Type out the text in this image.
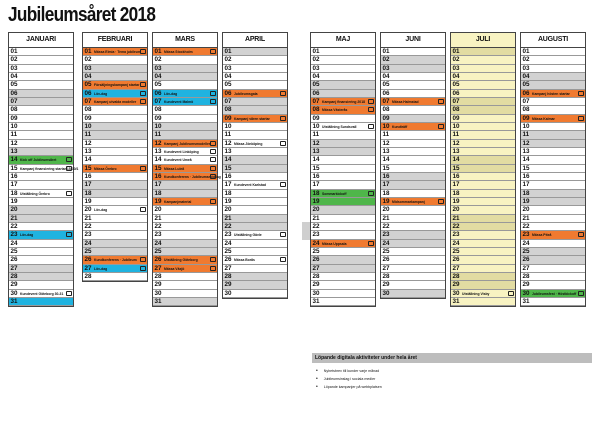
Jubileumsåret 2018
JANUARI
01
02
03
04
05
06
07
08
09
10
11
12
13
14 Kick off Jubileumsåret
15 Kampanj finansiering startar 15-30/1
16
17
18 Utställning Örebro
19
20
21
22
23 Löv-dag
24
25
26
27
28
29
30 Kundevent Göteborg 30-31
31
FEBRUARI
01 Mässa Elmia · Tema jubileum
02
03
04
05 Försäljningskampanj startar
06 Löv-dag
07 Kampanj utvalda modeller
08
09
10
11
12
13
14
15 Mässa Örebro
16
17
18
19
20 Löv-dag
21
22
23
24
25
26 Kundkonferens · Jubileum
27 Löv-dag
28
MARS
01 Mässa Stockholm
02
03
04
05
06 Löv-dag
07 Kundevent Malmö
08
09
10
11
12 Kampanj Jubileumsmodeller
13 Kundevent Linköping
14 Kundevent Umeå
15 Mässa Luleå
16 Kundkonferens · Jubileumsmiddag
17
18
19 Kampanjmaterial
20
21
22
23
24
25
26 Utställning Göteborg
27 Mässa Växjö
28
29
30
31
APRIL
01
02
03
04
05
06 Jubileumsgala
07
08
09 Kampanj våren startar
10
11
12 Mässa Jönköping
13
14
15
16
17 Kundevent Karlstad
18
19
20
21
22
23 Utställning Gävle
24
25
26 Mässa Borås
27
28
29
30
MAJ
01
02
03
04
05
06
07 Kampanj finansiering 2018
08 Mässa Västerås
09
10 Utställning Sundsvall
11
12
13
14
15
16
17
18 Sommarkickoff
19
20
21
22
23
24 Mässa Uppsala
25
26
27
28
29
30
31
JUNI
01
02
03
04
05
06
07 Mässa Halmstad
08
09
10 Kundträff
11
12
13
14
15
16
17
18
19 Midsommarkampanj
20
21
22
23
24
25
26
27
28
29
30
JULI
01
02
03
04
05
06
07
08
09
10
11
12
13
14
15
16
17
18
19
20
21
22
23
24
25
26
27
28
29
30 Utställning Visby
31
AUGUSTI
01
02
03
04
05
06 Kampanj hösten startar
07
08
09 Mässa Kalmar
10
11
12
13
14
15
16
17
18
19
20
21
22
23 Mässa Piteå
24
25
26
27
28
29
30 Jubileumsfest · Höstkickoff
31
Löpande digitala aktiviteter under hela året
• Nyhetsbrev till kunder varje månad
• Jubileumsinslag i sociala medier
• Löpande kampanjer på webbplatsen
